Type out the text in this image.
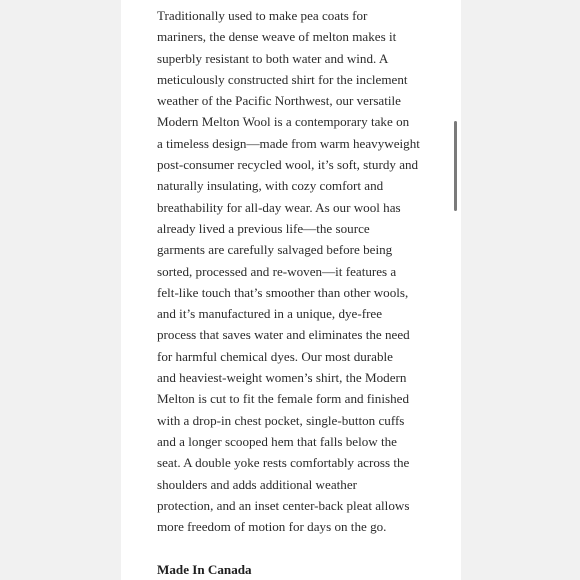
Traditionally used to make pea coats for
mariners, the dense weave of melton makes it
superbly resistant to both water and wind. A
meticulously constructed shirt for the inclement
weather of the Pacific Northwest, our versatile
Modern Melton Wool is a contemporary take on
a timeless design—made from warm heavyweight
post-consumer recycled wool, it’s soft, sturdy and
naturally insulating, with cozy comfort and
breathability for all-day wear. As our wool has
already lived a previous life—the source
garments are carefully salvaged before being
sorted, processed and re-woven—it features a
felt-like touch that’s smoother than other wools,
and it’s manufactured in a unique, dye-free
process that saves water and eliminates the need
for harmful chemical dyes. Our most durable
and heaviest-weight women’s shirt, the Modern
Melton is cut to fit the female form and finished
with a drop-in chest pocket, single-button cuffs
and a longer scooped hem that falls below the
seat. A double yoke rests comfortably across the
shoulders and adds additional weather
protection, and an inset center-back pleat allows
more freedom of motion for days on the go.
Made In Canada
